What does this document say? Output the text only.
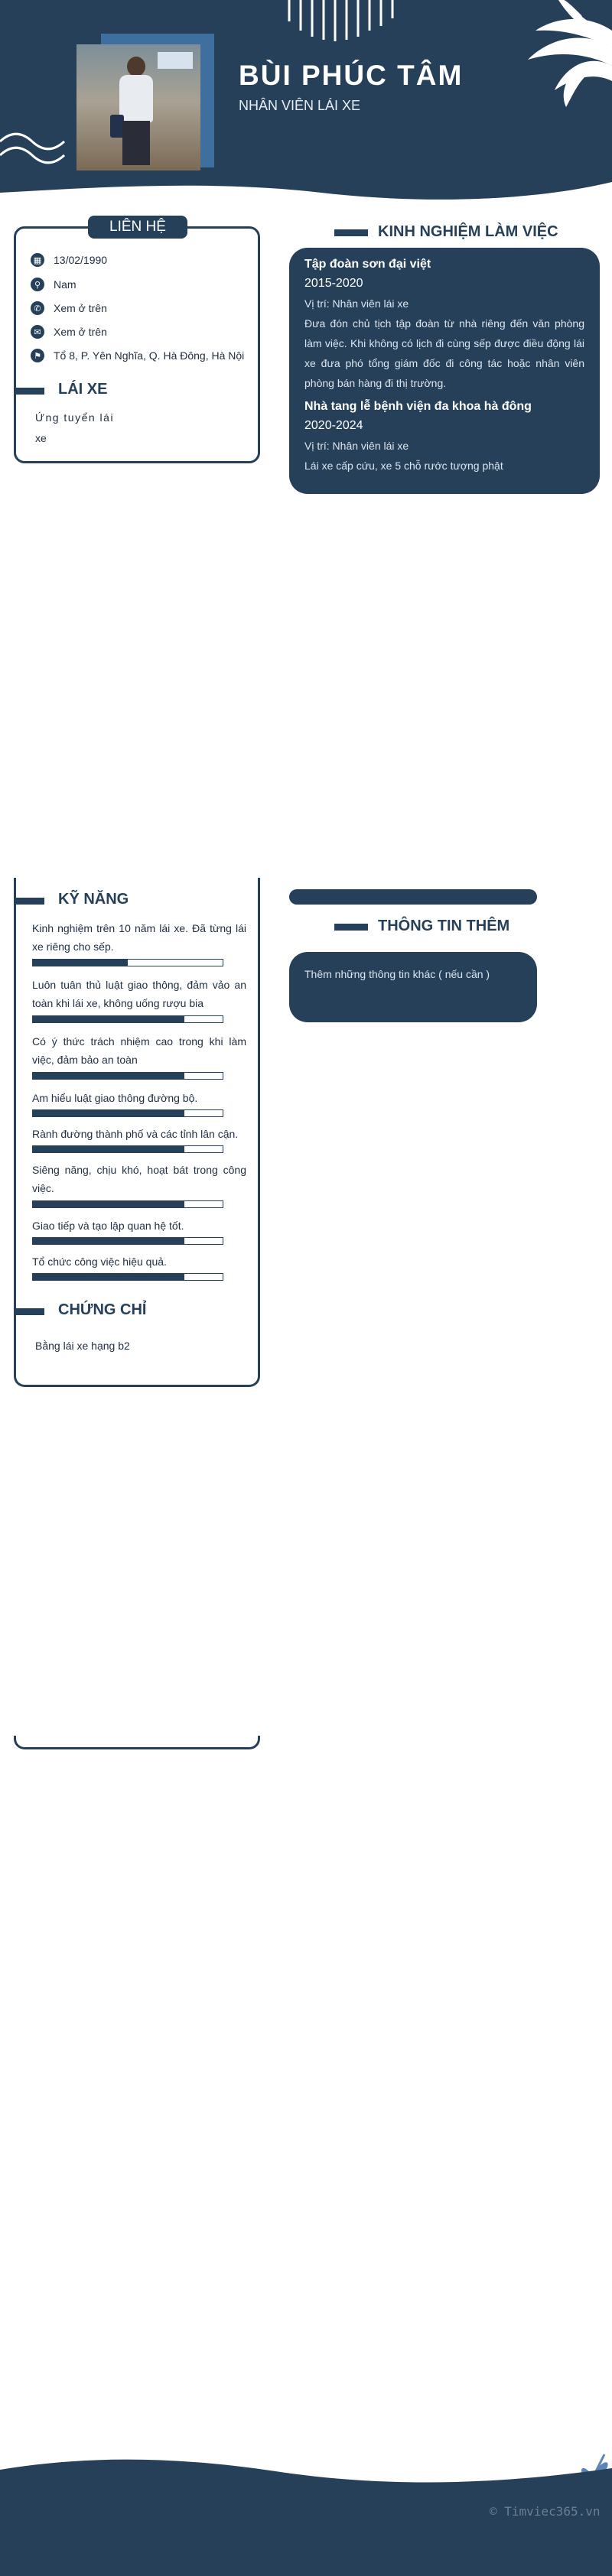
BÙI PHÚC TÂM
NHÂN VIÊN LÁI XE
LIÊN HỆ
▦ 13/02/1990
⚲	Nam
✆	Xem ở trên
✉	Xem ở trên
⚑ Tổ 8, P. Yên Nghĩa, Q. Hà Đông, Hà Nội
LÁI XE
Ứng tuyển lái
xe
KINH NGHIỆM LÀM VIỆC
Tập đoàn sơn đại việt
2015-2020
Vị trí: Nhân viên lái xe
Đưa đón chủ tịch tập đoàn từ nhà riêng đến văn phòng làm việc. Khi không có lịch đi cùng sếp được điều động lái xe đưa phó tổng giám đốc đi công tác hoặc nhân viên phòng bán hàng đi thị trường.
Nhà tang lễ bệnh viện đa khoa hà đông
2020-2024
Vị trí: Nhân viên lái xe
Lái xe cấp cứu, xe 5 chỗ rước tượng phật
KỸ NĂNG
Kinh nghiệm trên 10 năm lái xe. Đã từng lái xe riêng cho sếp.
Luôn tuân thủ luật giao thông, đảm vảo an toàn khi lái xe, không uống rượu bia
Có ý thức trách nhiệm cao trong khi làm việc, đảm bảo an toàn
Am hiểu luật giao thông đường bộ.
Rành đường thành phố và các tỉnh lân cận.
Siêng năng, chịu khó, hoạt bát trong công việc.
Giao tiếp và tạo lập quan hệ tốt.
Tổ chức công việc hiệu quả.
CHỨNG CHỈ
Bằng lái xe hạng b2
THÔNG TIN THÊM
Thêm những thông tin khác ( nếu cần )
© Timviec365.vn
